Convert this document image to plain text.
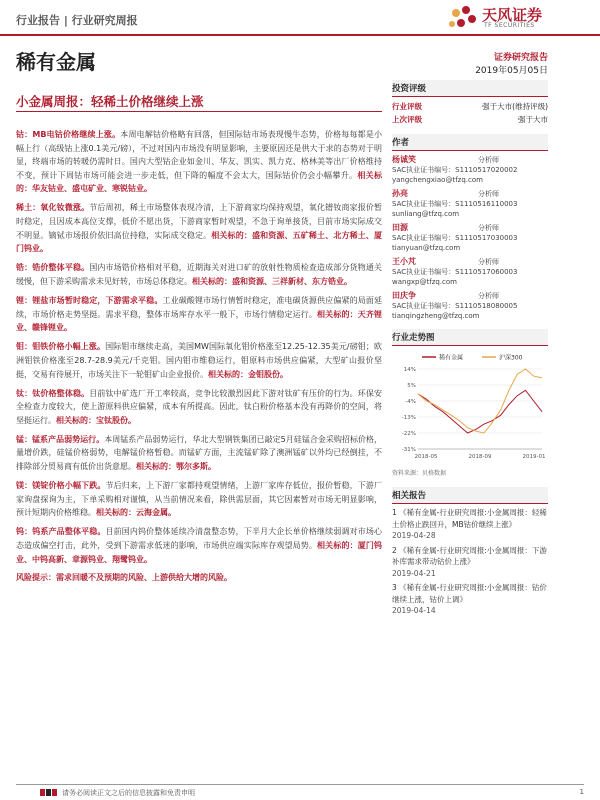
行业报告 | 行业研究周报	天风证券
TF SECURITIES
稀有金属	证券研究报告
2019年05月05日
小金属周报：轻稀土价格继续上涨
钴：MB电钴价格继续上涨。本周电解钴价格略有回落，但国际钴市场表现慢牛态势，价格每每都是小幅上行（高级钴上涨0.1美元/磅），不过对国内市场没有明显影响，主要原因还是供大于求的态势对于明显，终端市场的转暖仍需时日。国内大型钴企业如金川、华友、凯实、凯力克、格林美等出厂价格维持不变，预计下周钴市场可能会进一步走低，但下降的幅度不会太大，国际钴价仍会小幅攀升。相关标的：华友钴业、盛屯矿业、寒锐钴业。
稀土：氧化钕微涨。节后周初，稀土市场整体表现冷清，上下游商家均保持观望，氧化镨钕商家报价暂时稳定，且因成本高位支撑，低价不愿出货，下游商家暂时观望，不急于询单接货，目前市场实际成交不明显。镝铽市场报价依旧高位持稳，实际成交稳定。相关标的：盛和资源、五矿稀土、北方稀土、厦门钨业。
锆：锆价整体平稳。国内市场锆价格相对平稳，近期海关对进口矿的放射性物质检查造成部分货物通关缓慢，但下游采购需求未见好转，市场总体稳定。相关标的：盛和资源、三祥新材、东方锆业。
锂：锂盐市场暂时稳定，下游需求平稳。工业碳酸锂市场行情暂时稳定，准电碳货源供应偏紧的局面延续，市场价格走势坚挺。需求平稳，整体市场库存水平一般下，市场行情稳定运行。相关标的：天齐锂业、赣锋锂业。
钼：钼铁价格小幅上涨。国际钼市继续走高，美国MW国际氧化钼价格涨至12.25-12.35美元/磅钼；欧洲钼铁价格涨至28.7-28.9美元/千克钼。国内钼市维稳运行，钼原料市场供应偏紧，大型矿山报价坚挺，交易有待展开，市场关注下一轮钼矿山企业报价。相关标的：金钼股份。
钛：钛价格整体稳。目前钛中矿选厂开工率较高，竞争比较激烈因此下游对钛矿有压价的行为。环保安全检查力度较大，使上游原料供应偏紧，成本有所提高。因此，钛白粉价格基本没有再降价的空间，将坚挺运行。相关标的：宝钛股份。
锰：锰系产品弱势运行。本周锰系产品弱势运行，华北大型钢铁集团已敲定5月硅锰合金采购招标价格，量增价跌，硅锰价格弱势，电解锰价格暂稳。而锰矿方面，主流锰矿除了澳洲锰矿以外均已经倒挂，不排除部分贸易商有低价出货意愿。相关标的：鄂尔多斯。
镁：镁锭价格小幅下跌。节后归来，上下游厂家都持观望情绪，上游厂家库存低位，报价暂稳，下游厂家询盘探询为主，下单采购相对谨慎，从当前情况来看，除供需层面，其它因素暂对市场无明显影响，预计短期内价格维稳。相关标的：云海金属。
钨：钨系产品整体平稳。目前国内钨价整体延续冷清盘整态势，下半月大企长单价格继续弱调对市场心态造成偏空打击，此外，受到下游需求低迷的影响，市场供应端实际库存观望局势。相关标的：厦门钨业、中钨高新、章源钨业、翔鹭钨业。
风险提示：需求回暖不及预期的风险、上游供给大增的风险。
投资评级
行业评级	强于大市(维持评级)
上次评级	强于大市
作者
杨诚笑	分析师
SAC执业证书编号：S1110517020002
yangchengxiao@tfzq.com
孙亮	分析师
SAC执业证书编号：S1110516110003
sunliang@tfzq.com
田源	分析师
SAC执业证书编号：S1110517030003
tianyuan@tfzq.com
王小芃	分析师
SAC执业证书编号：S1110517060003
wangxp@tfzq.com
田庆争	分析师
SAC执业证书编号：S1110518080005
tianqingzheng@tfzq.com
行业走势图
稀有金属	沪深300
14%
5%
-4%
-13%
-22%
-31%
2018-05	2018-09	2019-01
资料来源：贝格数据
相关报告
1 《稀有金属-行业研究周报:小金属周报：轻稀土价格止跌回升，MB钴价继续上涨》
2019-04-28
2 《稀有金属-行业研究周报:小金属周报：下游补库需求带动钴价上涨》
2019-04-21
3 《稀有金属-行业研究周报:小金属周报：钴价继续上涨，钴价上调》
2019-04-14
请务必阅读正文之后的信息披露和免责申明	1
